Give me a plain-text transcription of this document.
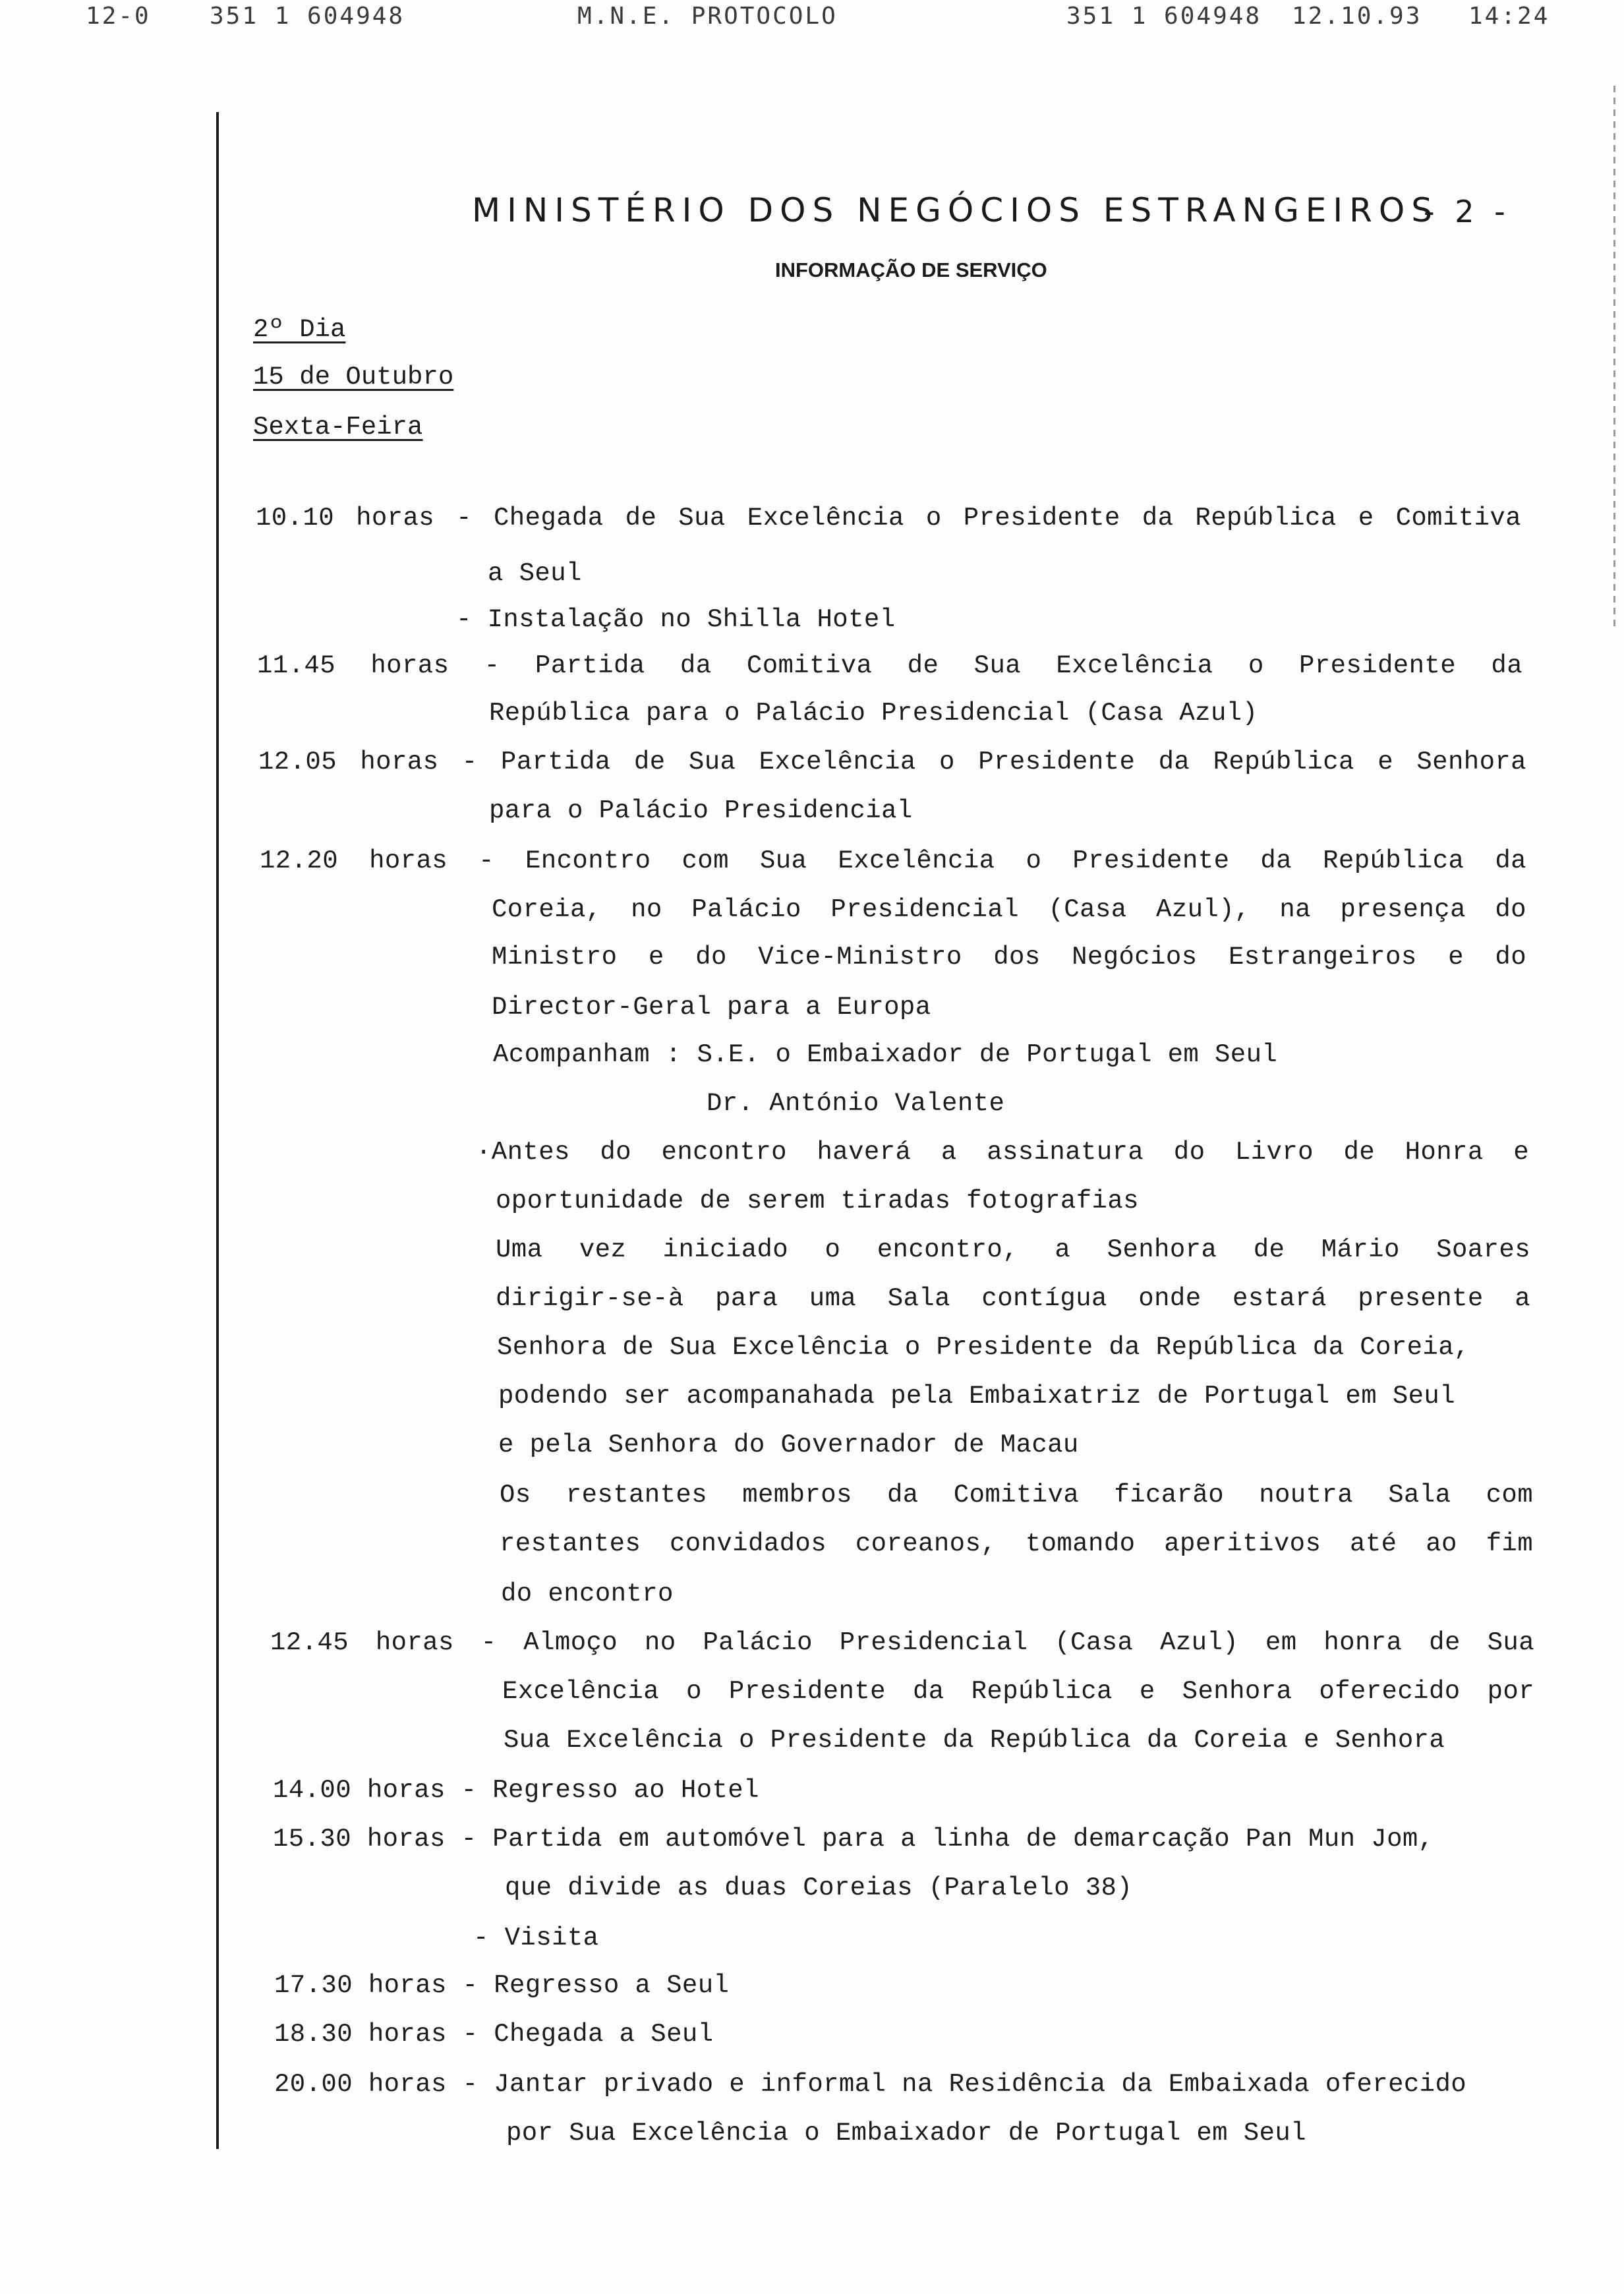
12-0 351 1 604948	M.N.E. PROTOCOLO	351 1 604948 12.10.93 14:24
MINISTÉRIO DOS NEGÓCIOS ESTRANGEIROS
- 2 -
INFORMAÇÃO DE SERVIÇO
2º Dia
15 de Outubro
Sexta-Feira
10.10 horas - Chegada de Sua Excelência o Presidente da República e Comitiva
a Seul
- Instalação no Shilla Hotel
11.45 horas - Partida da Comitiva de Sua Excelência o Presidente da
República para o Palácio Presidencial (Casa Azul)
12.05 horas - Partida de Sua Excelência o Presidente da República e Senhora
para o Palácio Presidencial
12.20 horas - Encontro com Sua Excelência o Presidente da República da
Coreia, no Palácio Presidencial (Casa Azul), na presença do
Ministro e do Vice-Ministro dos Negócios Estrangeiros e do
Director-Geral para a Europa
Acompanham : S.E. o Embaixador de Portugal em Seul
Dr. António Valente
·Antes do encontro haverá a assinatura do Livro de Honra e
oportunidade de serem tiradas fotografias
Uma vez iniciado o encontro, a Senhora de Mário Soares
dirigir-se-à para uma Sala contígua onde estará presente a
Senhora de Sua Excelência o Presidente da República da Coreia,
podendo ser acompanahada pela Embaixatriz de Portugal em Seul
e pela Senhora do Governador de Macau
Os restantes membros da Comitiva ficarão noutra Sala com
restantes convidados coreanos, tomando aperitivos até ao fim
do encontro
12.45 horas - Almoço no Palácio Presidencial (Casa Azul) em honra de Sua
Excelência o Presidente da República e Senhora oferecido por
Sua Excelência o Presidente da República da Coreia e Senhora
14.00 horas - Regresso ao Hotel
15.30 horas - Partida em automóvel para a linha de demarcação Pan Mun Jom,
que divide as duas Coreias (Paralelo 38)
- Visita
17.30 horas - Regresso a Seul
18.30 horas - Chegada a Seul
20.00 horas - Jantar privado e informal na Residência da Embaixada oferecido
por Sua Excelência o Embaixador de Portugal em Seul
